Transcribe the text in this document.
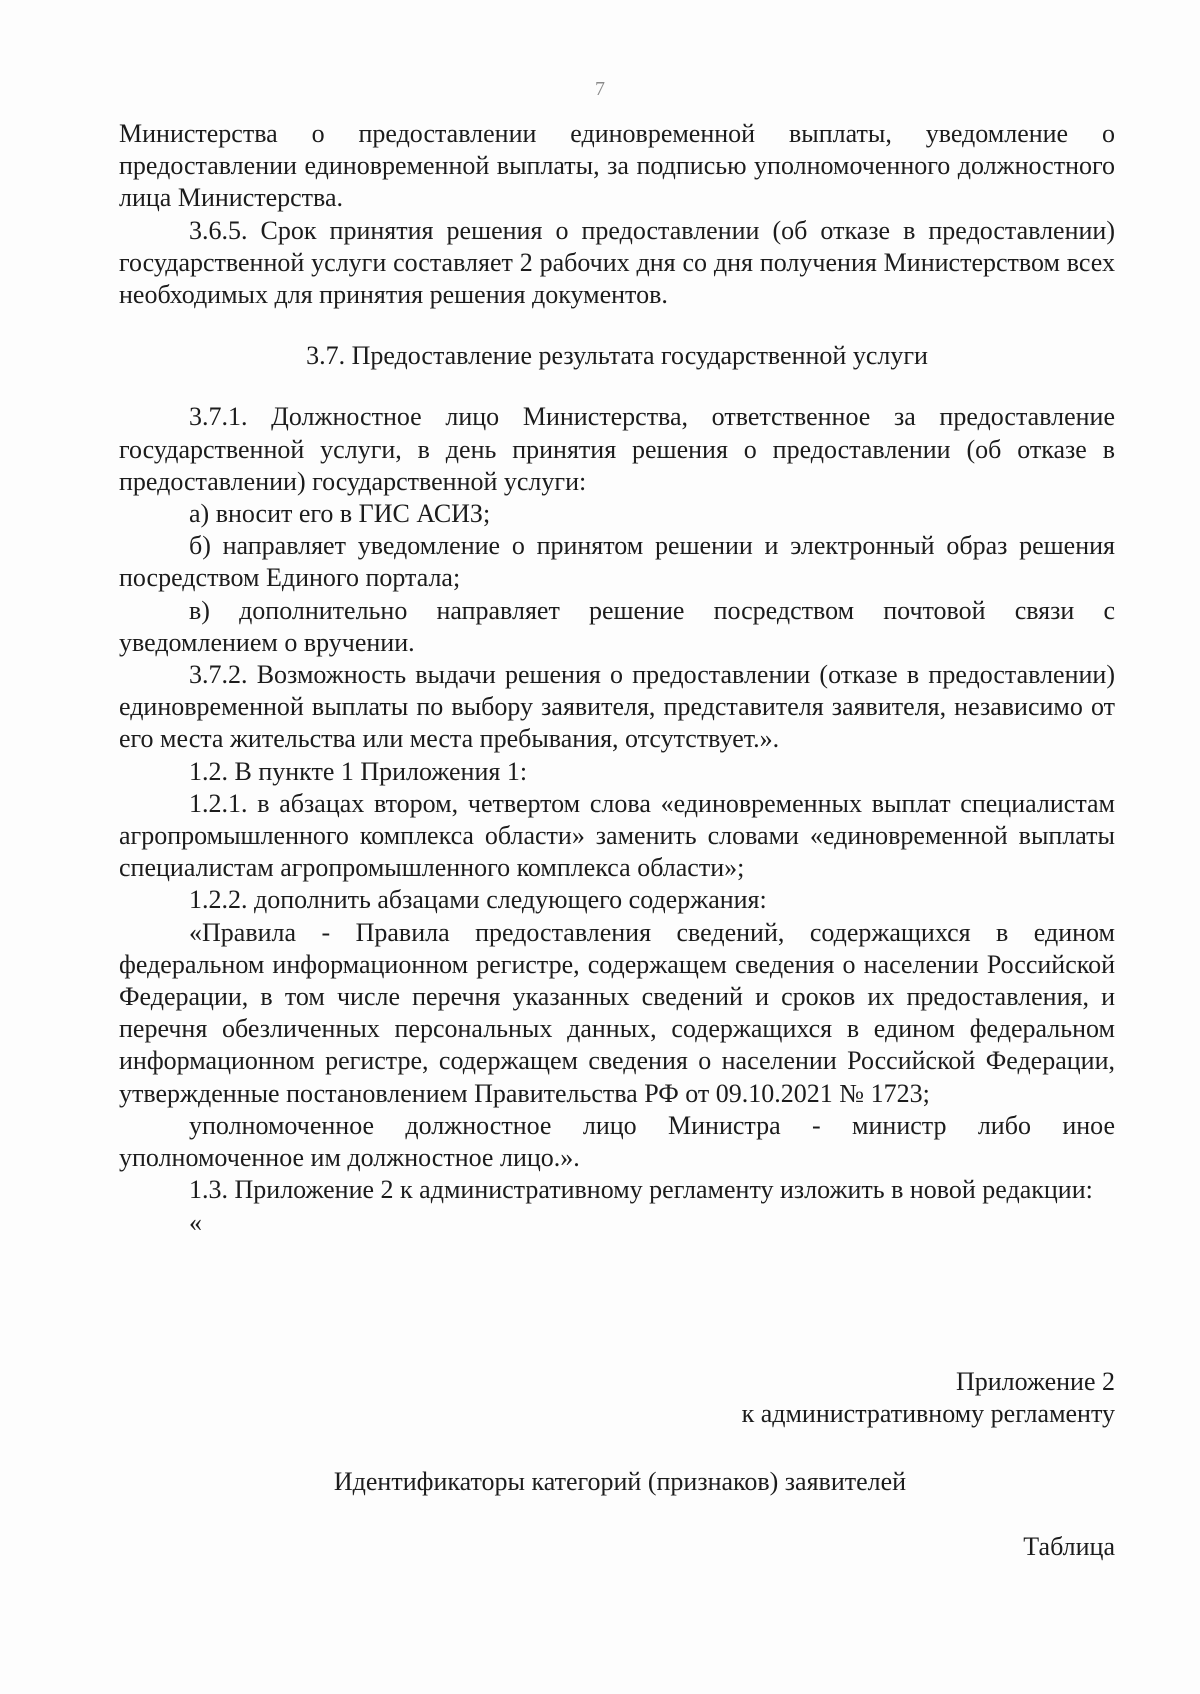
7

Министерства о предоставлении единовременной выплаты, уведомление о предоставлении единовременной выплаты, за подписью уполномоченного должностного лица Министерства.

3.6.5. Срок принятия решения о предоставлении (об отказе в предоставлении) государственной услуги составляет 2 рабочих дня со дня получения Министерством всех необходимых для принятия решения документов.

3.7. Предоставление результата государственной услуги

3.7.1. Должностное лицо Министерства, ответственное за предоставление государственной услуги, в день принятия решения о предоставлении (об отказе в предоставлении) государственной услуги:

а) вносит его в ГИС АСИЗ;

б) направляет уведомление о принятом решении и электронный образ решения посредством Единого портала;

в) дополнительно направляет решение посредством почтовой связи с уведомлением о вручении.

3.7.2. Возможность выдачи решения о предоставлении (отказе в предоставлении) единовременной выплаты по выбору заявителя, представителя заявителя, независимо от его места жительства или места пребывания, отсутствует.».

1.2. В пункте 1 Приложения 1:

1.2.1. в абзацах втором, четвертом слова «единовременных выплат специалистам агропромышленного комплекса области» заменить словами «единовременной выплаты специалистам агропромышленного комплекса области»;

1.2.2. дополнить абзацами следующего содержания:

«Правила - Правила предоставления сведений, содержащихся в едином федеральном информационном регистре, содержащем сведения о населении Российской Федерации, в том числе перечня указанных сведений и сроков их предоставления, и перечня обезличенных персональных данных, содержащихся в едином федеральном информационном регистре, содержащем сведения о населении Российской Федерации, утвержденные постановлением Правительства РФ от 09.10.2021 № 1723;

уполномоченное должностное лицо Министра - министр либо иное уполномоченное им должностное лицо.».

1.3. Приложение 2 к административному регламенту изложить в новой редакции:

«

Приложение 2
к административному регламенту
Идентификаторы категорий (признаков) заявителей
Таблица
